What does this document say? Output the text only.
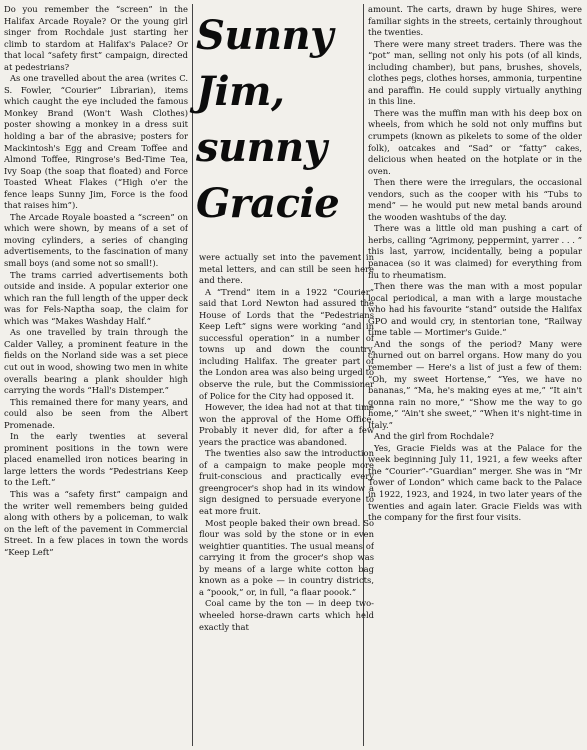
Do you remember the “screen” in the Halifax Arcade Royale? Or the young girl singer from Rochdale just starting her climb to stardom at Halifax's Palace? Or that local “safety first” campaign, directed at pedestrians?

As one travelled about the area (writes C. S. Fowler, “Courier” Librarian), items which caught the eye included the famous Monkey Brand (Won't Wash Clothes) poster showing a monkey in a dress suit holding a bar of the abrasive; posters for Mackintosh's Egg and Cream Toffee and Almond Toffee, Ringrose's Bed-Time Tea, Ivy Soap (the soap that floated) and Force Toasted Wheat Flakes (“High o'er the fence leaps Sunny Jim, Force is the food that raises him”).

The Arcade Royale boasted a “screen” on which were shown, by means of a set of moving cylinders, a series of changing advertisements, to the fascination of many small boys (and some not so small!).

The trams carried advertisements both outside and inside. A popular exterior one which ran the full length of the upper deck was for Fels-Naptha soap, the claim for which was “Makes Washday Half.”

As one travelled by train through the Calder Valley, a prominent feature in the fields on the Norland side was a set piece cut out in wood, showing two men in white overalls bearing a plank shoulder high carrying the words “Hall's Distemper.”

This remained there for many years, and could also be seen from the Albert Promenade.

In the early twenties at several prominent positions in the town were placed enamelled iron notices bearing in large letters the words “Pedestrians Keep to the Left.”

This was a “safety first” campaign and the writer well remembers being guided along with others by a policeman, to walk on the left of the pavement in Commercial Street. In a few places in town the words “Keep Left”

Sunny
Jim,
sunny
Gracie

were actually set into the pavement in metal letters, and can still be seen here and there.

A “Trend” item in a 1922 “Courier” said that Lord Newton had assured the House of Lords that the “Pedestrians Keep Left” signs were working “and in successful operation” in a number of towns up and down the country, including Halifax. The greater part of the London area was also being urged to observe the rule, but the Commissioner of Police for the City had opposed it.

However, the idea had not at that time won the approval of the Home Office. Probably it never did, for after a few years the practice was abandoned.

The twenties also saw the introduction of a campaign to make people more fruit-conscious and practically every greengrocer's shop had in its window a sign designed to persuade everyone to eat more fruit.

Most people baked their own bread. So flour was sold by the stone or in even weightier quantities. The usual means of carrying it from the grocer's shop was by means of a large white cotton bag known as a poke — in country districts, a “poook,” or, in full, “a flaar poook.”

Coal came by the ton — in deep two-wheeled horse-drawn carts which held exactly that

amount. The carts, drawn by huge Shires, were familiar sights in the streets, certainly throughout the twenties.

There were many street traders. There was the “pot” man, selling not only his pots (of all kinds, including chamber), but pans, brushes, shovels, clothes pegs, clothes horses, ammonia, turpentine and paraffin. He could supply virtually anything in this line.

There was the muffin man with his deep box on wheels, from which he sold not only muffins but crumpets (known as pikelets to some of the older folk), oatcakes and “Sad” or “fatty” cakes, delicious when heated on the hotplate or in the oven.

Then there were the irregulars, the occasional vendors, such as the cooper with his “Tubs to mend” — he would put new metal bands around the wooden washtubs of the day.

There was a little old man pushing a cart of herbs, calling “Agrimony, peppermint, yarrer . . . ” this last, yarrow, incidentally, being a popular panacea (so it was claimed) for everything from flu to rheumatism.

Then there was the man with a most popular local periodical, a man with a large moustache who had his favourite “stand” outside the Halifax GPO and would cry, in stentorian tone, “Railway time table — Mortimer's Guide.”

And the songs of the period? Many were churned out on barrel organs. How many do you remember — Here's a list of just a few of them: “Oh, my sweet Hortense,” “Yes, we have no bananas,” “Ma, he's making eyes at me,” “It ain't gonna rain no more,” “Show me the way to go home,” “Ain't she sweet,” “When it's night-time in Italy.”

And the girl from Rochdale?

Yes, Gracie Fields was at the Palace for the week beginning July 11, 1921, a few weeks after the “Courier”-“Guardian” merger. She was in “Mr Tower of London” which came back to the Palace in 1922, 1923, and 1924, in two later years of the twenties and again later. Gracie Fields was with the company for the first four visits.
